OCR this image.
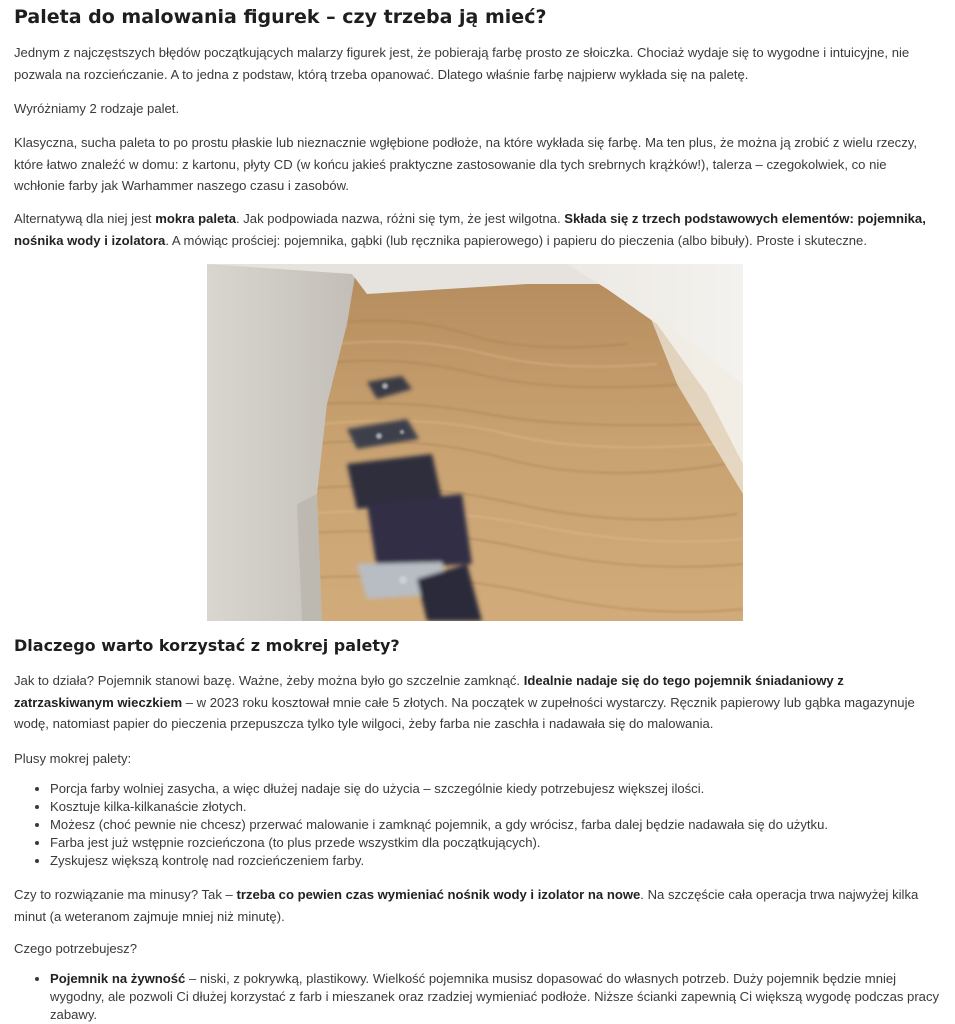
Paleta do malowania figurek – czy trzeba ją mieć?

Jednym z najczęstszych błędów początkujących malarzy figurek jest, że pobierają farbę prosto ze słoiczka. Chociaż wydaje się to wygodne i intuicyjne, nie pozwala na rozcieńczanie. A to jedna z podstaw, którą trzeba opanować. Dlatego właśnie farbę najpierw wykłada się na paletę.

Wyróżniamy 2 rodzaje palet.

Klasyczna, sucha paleta to po prostu płaskie lub nieznacznie wgłębione podłoże, na które wykłada się farbę. Ma ten plus, że można ją zrobić z wielu rzeczy, które łatwo znaleźć w domu: z kartonu, płyty CD (w końcu jakieś praktyczne zastosowanie dla tych srebrnych krążków!), talerza – czegokolwiek, co nie wchłonie farby jak Warhammer naszego czasu i zasobów.

Alternatywą dla niej jest mokra paleta. Jak podpowiada nazwa, różni się tym, że jest wilgotna. Składa się z trzech podstawowych elementów: pojemnika, nośnika wody i izolatora. A mówiąc prościej: pojemnika, gąbki (lub ręcznika papierowego) i papieru do pieczenia (albo bibuły). Proste i skuteczne.

Dlaczego warto korzystać z mokrej palety?

Jak to działa? Pojemnik stanowi bazę. Ważne, żeby można było go szczelnie zamknąć. Idealnie nadaje się do tego pojemnik śniadaniowy z zatrzaskiwanym wieczkiem – w 2023 roku kosztował mnie całe 5 złotych. Na początek w zupełności wystarczy. Ręcznik papierowy lub gąbka magazynuje wodę, natomiast papier do pieczenia przepuszcza tylko tyle wilgoci, żeby farba nie zaschła i nadawała się do malowania.

Plusy mokrej palety:

• Porcja farby wolniej zasycha, a więc dłużej nadaje się do użycia – szczególnie kiedy potrzebujesz większej ilości.
• Kosztuje kilka-kilkanaście złotych.
• Możesz (choć pewnie nie chcesz) przerwać malowanie i zamknąć pojemnik, a gdy wrócisz, farba dalej będzie nadawała się do użytku.
• Farba jest już wstępnie rozcieńczona (to plus przede wszystkim dla początkujących).
• Zyskujesz większą kontrolę nad rozcieńczeniem farby.

Czy to rozwiązanie ma minusy? Tak – trzeba co pewien czas wymieniać nośnik wody i izolator na nowe. Na szczęście cała operacja trwa najwyżej kilka minut (a weteranom zajmuje mniej niż minutę).

Czego potrzebujesz?

• Pojemnik na żywność – niski, z pokrywką, plastikowy. Wielkość pojemnika musisz dopasować do własnych potrzeb. Duży pojemnik będzie mniej wygodny, ale pozwoli Ci dłużej korzystać z farb i mieszanek oraz rzadziej wymieniać podłoże. Niższe ścianki zapewnią Ci większą wygodę podczas pracy zabawy.
